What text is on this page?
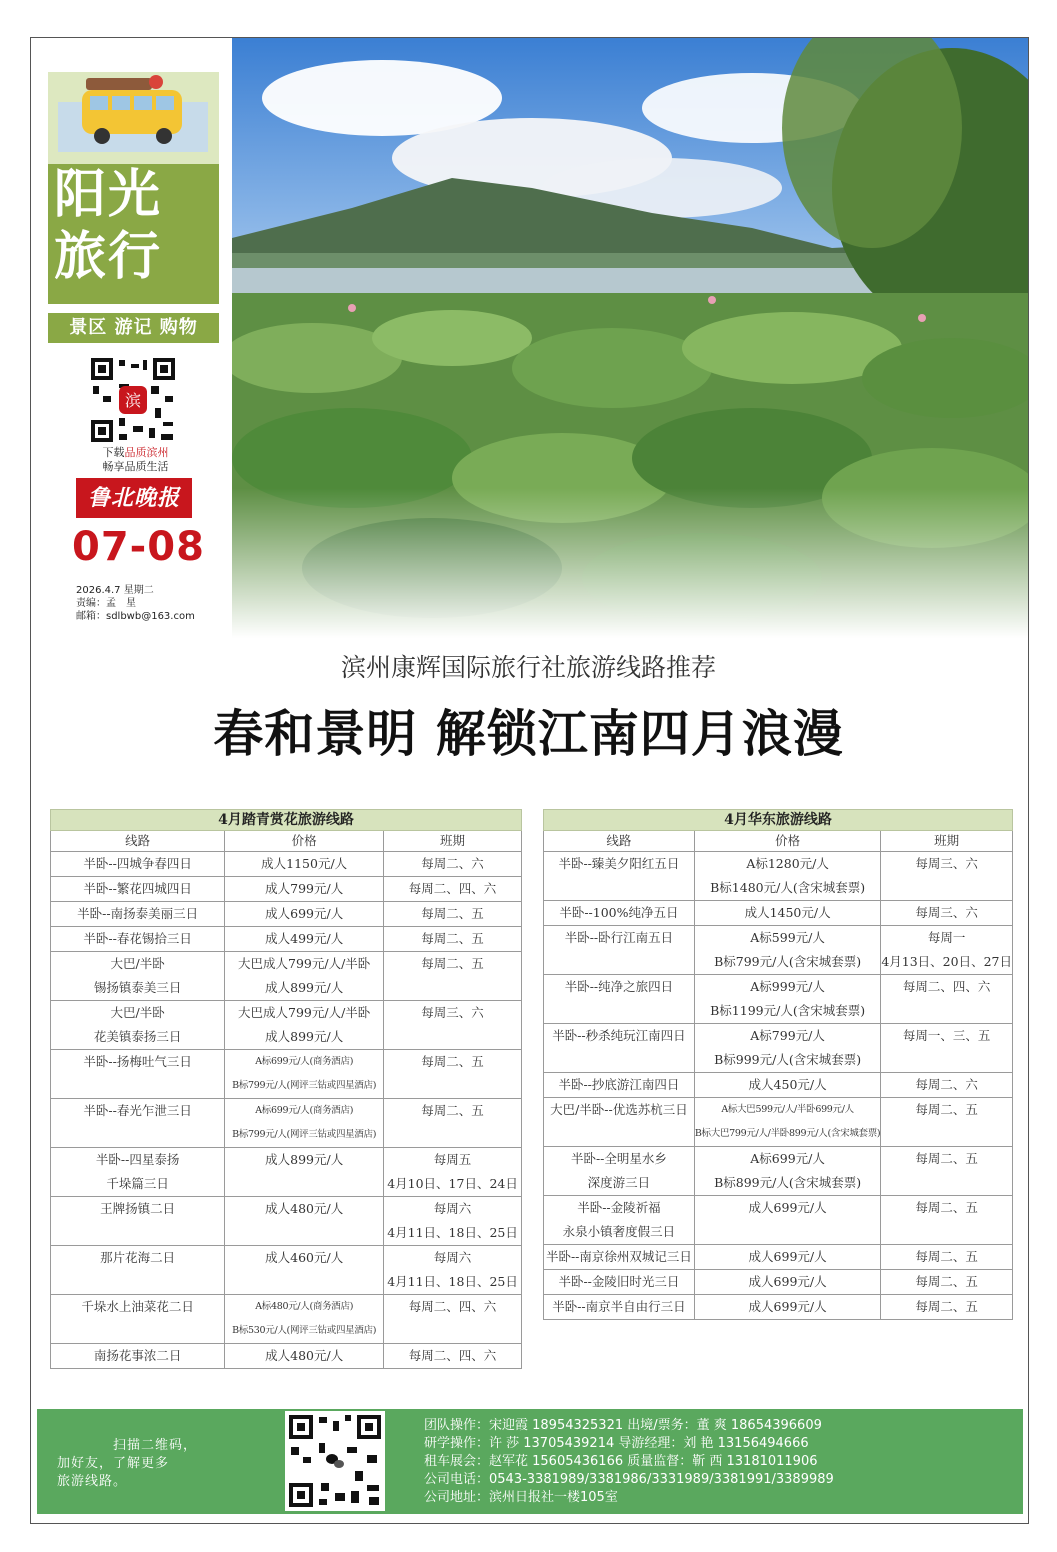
阳光
旅行
景区 游记 购物
滨
下载品质滨州
畅享品质生活
鲁北晚报
07-08
2026.4.7 星期二
责编：孟　星
邮箱：sdlbwb@163.com
滨州康辉国际旅行社旅游线路推荐
春和景明 解锁江南四月浪漫
4月踏青赏花旅游线路		
线路	价格	班期

半卧--四城争春四日	成人1150元/人	每周二、六

半卧--繁花四城四日	成人799元/人	每周二、四、六

半卧--南扬泰美丽三日	成人699元/人	每周二、五

半卧--春花锡拾三日	成人499元/人	每周二、五

大巴/半卧
锡扬镇泰美三日	大巴成人799元/人/半卧
成人899元/人	每周二、五

大巴/半卧
花美镇泰扬三日	大巴成人799元/人/半卧
成人899元/人	每周三、六

半卧--扬梅吐气三日	A标699元/人(商务酒店)
B标799元/人(网评三钻或四星酒店)	每周二、五

半卧--春光乍泄三日	A标699元/人(商务酒店)
B标799元/人(网评三钻或四星酒店)	每周二、五

半卧--四星泰扬
千垛篇三日	成人899元/人	每周五
4月10日、17日、24日

王牌扬镇二日	成人480元/人	每周六
4月11日、18日、25日

那片花海二日	成人460元/人	每周六
4月11日、18日、25日

千垛水上油菜花二日	A标480元/人(商务酒店)
B标530元/人(网评三钻或四星酒店)	每周二、四、六

南扬花事浓二日	成人480元/人	每周二、四、六
4月华东旅游线路		
线路	价格	班期

半卧--臻美夕阳红五日	A标1280元/人
B标1480元/人(含宋城套票)	每周三、六

半卧--100%纯净五日	成人1450元/人	每周三、六

半卧--卧行江南五日	A标599元/人
B标799元/人(含宋城套票)	每周一
4月13日、20日、27日

半卧--纯净之旅四日	A标999元/人
B标1199元/人(含宋城套票)	每周二、四、六

半卧--秒杀纯玩江南四日	A标799元/人
B标999元/人(含宋城套票)	每周一、三、五

半卧--抄底游江南四日	成人450元/人	每周二、六

大巴/半卧--优选苏杭三日	A标大巴599元/人/半卧699元/人
B标大巴799元/人/半卧899元/人(含宋城套票)	每周二、五

半卧--全明星水乡
深度游三日	A标699元/人
B标899元/人(含宋城套票)	每周二、五

半卧--金陵祈福
永泉小镇奢度假三日	成人699元/人	每周二、五

半卧--南京徐州双城记三日	成人699元/人	每周二、五

半卧--金陵旧时光三日	成人699元/人	每周二、五

半卧--南京半自由行三日	成人699元/人	每周二、五
扫描二维码，
加好友，了解更多
旅游线路。
团队操作：宋迎霞 18954325321 出境/票务：董 爽 18654396609
研学操作：许 莎 13705439214 导游经理：刘 艳 13156494666
租车展会：赵军花 15605436166 质量监督：靳 西 13181011906
公司电话：0543-3381989/3381986/3331989/3381991/3389989
公司地址：滨州日报社一楼105室
